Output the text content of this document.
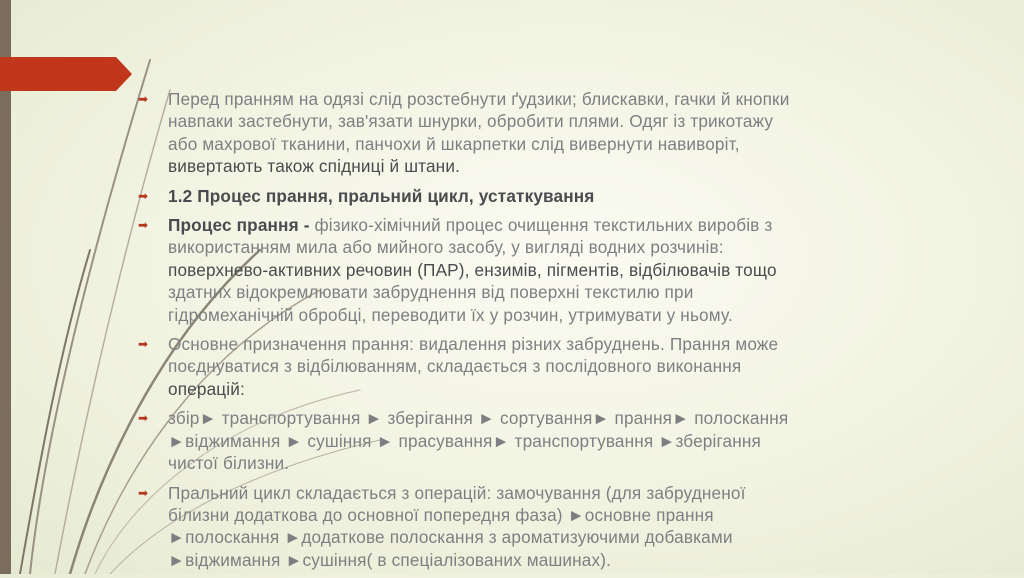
➡ Перед пранням на одязі слід розстебнути ґудзики; блискавки, гачки й кнопки
навпаки застебнути, зав'язати шнурки, обробити плями. Одяг із трикотажу
або махрової тканини, панчохи й шкарпетки слід вивернути навиворіт,
вивертають також спідниці й штани.
➡ 1.2 Процес прання, пральний цикл, устаткування
➡ Процес прання - фізико-хімічний процес очищення текстильних виробів з
використанням мила або мийного засобу, у вигляді водних розчинів:
поверхнево-активних речовин (ПАР), ензимів, пігментів, відбілювачів тощо
здатних відокремлювати забруднення від поверхні текстилю при
гідромеханічній обробці, переводити їх у розчин, утримувати у ньому.
➡ Основне призначення прання: видалення різних забруднень. Прання може
поєднуватися з відбілюванням, складається з послідовного виконання
операцій:
➡ збір► транспортування ► зберігання ► сортування► прання► полоскання
►віджимання ► сушіння ► прасування► транспортування ►зберігання
чистої білизни.
➡ Пральний цикл складається з операцій: замочування (для забрудненої
білизни додаткова до основної попередня фаза) ►основне прання
►полоскання ►додаткове полоскання з ароматизуючими добавками
►віджимання ►сушіння( в спеціалізованих машинах).
